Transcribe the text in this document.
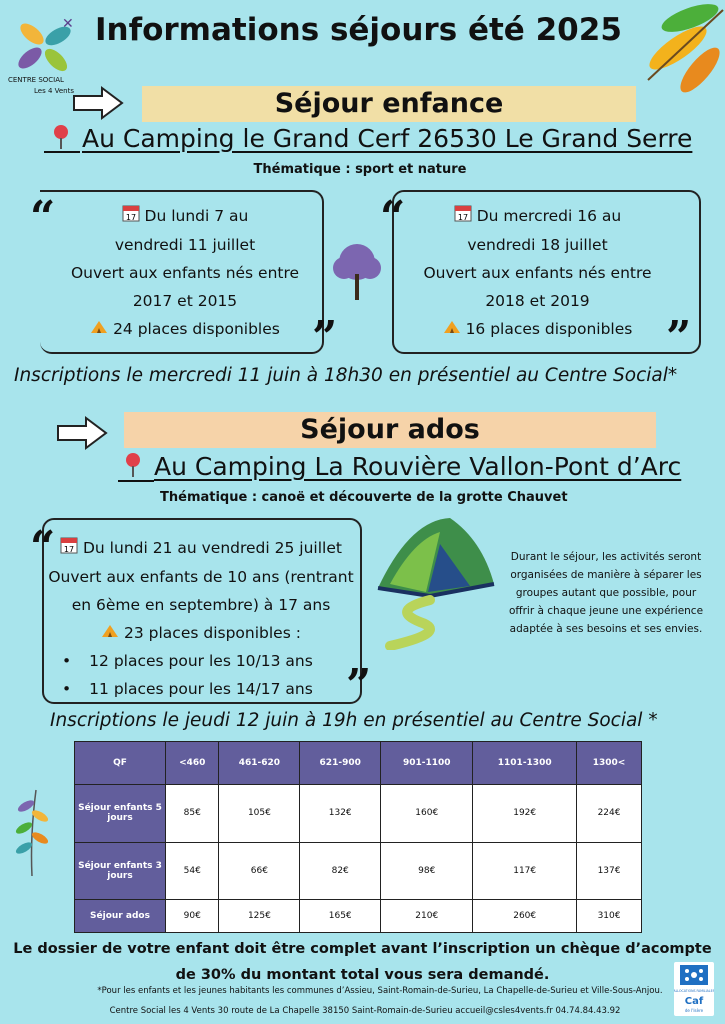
✕
CENTRE SOCIAL
Les 4 Vents
Informations séjours été 2025
Séjour enfance
Au Camping le Grand Cerf 26530 Le Grand Serre
Thématique : sport et nature
“
”
17 Du lundi 7 au
vendredi 11 juillet
Ouvert aux enfants nés entre
2017 et 2015
24 places disponibles
“
”
17 Du mercredi 16 au
vendredi 18 juillet
Ouvert aux enfants nés entre
2018 et 2019
16 places disponibles
Inscriptions le mercredi 11 juin à 18h30 en présentiel au Centre Social*
Séjour ados
Au Camping La Rouvière Vallon-Pont d’Arc
Thématique : canoë et découverte de la grotte Chauvet
“
”
17 Du lundi 21 au vendredi 25 juillet
Ouvert aux enfants de 10 ans (rentrant
en 6ème en septembre) à 17 ans
23 places disponibles :
• 12 places pour les 10/13 ans
• 11 places pour les 14/17 ans
Durant le séjour, les activités seront organisées de manière à séparer les groupes autant que possible, pour offrir à chaque jeune une expérience adaptée à ses besoins et ses envies.
Inscriptions le jeudi 12 juin à 19h en présentiel au Centre Social *
QF	<460	461-620	621-900	901-1100	1101-1300	1300<
Séjour enfants 5 jours	85€	105€	132€	160€	192€	224€
Séjour enfants 3 jours	54€	66€	82€	98€	117€	137€
Séjour ados	90€	125€	165€	210€	260€	310€
Le dossier de votre enfant doit être complet avant l’inscription un chèque d’acompte de 30% du montant total vous sera demandé.
*Pour les enfants et les jeunes habitants les communes d’Assieu, Saint-Romain-de-Surieu, La Chapelle-de-Surieu et Ville-Sous-Anjou.
Centre Social les 4 Vents 30 route de La Chapelle 38150 Saint-Romain-de-Surieu accueil@csles4vents.fr 04.74.84.43.92
ALLOCATIONS FAMILIALES
Caf
de l'Isère
